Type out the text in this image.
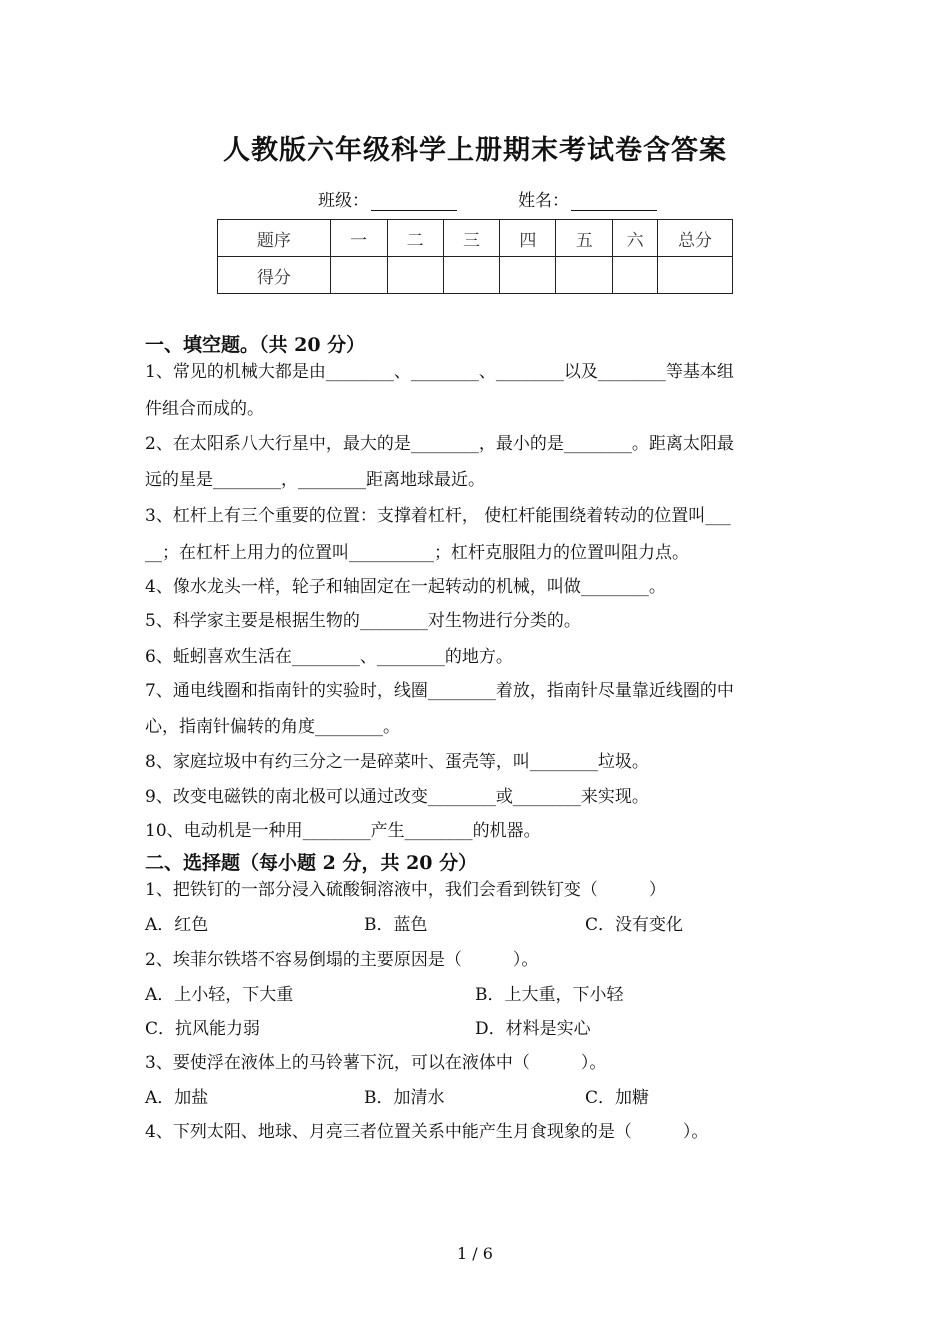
人教版六年级科学上册期末考试卷含答案
班级：	姓名：
题序	一	二	三	四	五	六	总分
得分							
一、填空题。（共 20 分）
1、常见的机械大都是由________、________、________以及________等基本组
件组合而成的。
2、在太阳系八大行星中，最大的是________，最小的是________。距离太阳最
远的星是________，________距离地球最近。
3、杠杆上有三个重要的位置：支撑着杠杆， 使杠杆能围绕着转动的位置叫___
__；在杠杆上用力的位置叫__________；杠杆克服阻力的位置叫阻力点。
4、像水龙头一样，轮子和轴固定在一起转动的机械，叫做________。
5、科学家主要是根据生物的________对生物进行分类的。
6、蚯蚓喜欢生活在________、________的地方。
7、通电线圈和指南针的实验时，线圈________着放，指南针尽量靠近线圈的中
心，指南针偏转的角度________。
8、家庭垃圾中有约三分之一是碎菜叶、蛋壳等，叫________垃圾。
9、改变电磁铁的南北极可以通过改变________或________来实现。
10、电动机是一种用________产生________的机器。
二、选择题（每小题 2 分，共 20 分）
1、把铁钉的一部分浸入硫酸铜溶液中，我们会看到铁钉变（　　　）
A．红色	B．蓝色	C．没有变化
2、埃菲尔铁塔不容易倒塌的主要原因是（　　　）。
A．上小轻，下大重	B．上大重，下小轻
C．抗风能力弱	D．材料是实心
3、要使浮在液体上的马铃薯下沉，可以在液体中（　　　）。
A．加盐	B．加清水	C．加糖
4、下列太阳、地球、月亮三者位置关系中能产生月食现象的是（　　　）。
1 / 6
